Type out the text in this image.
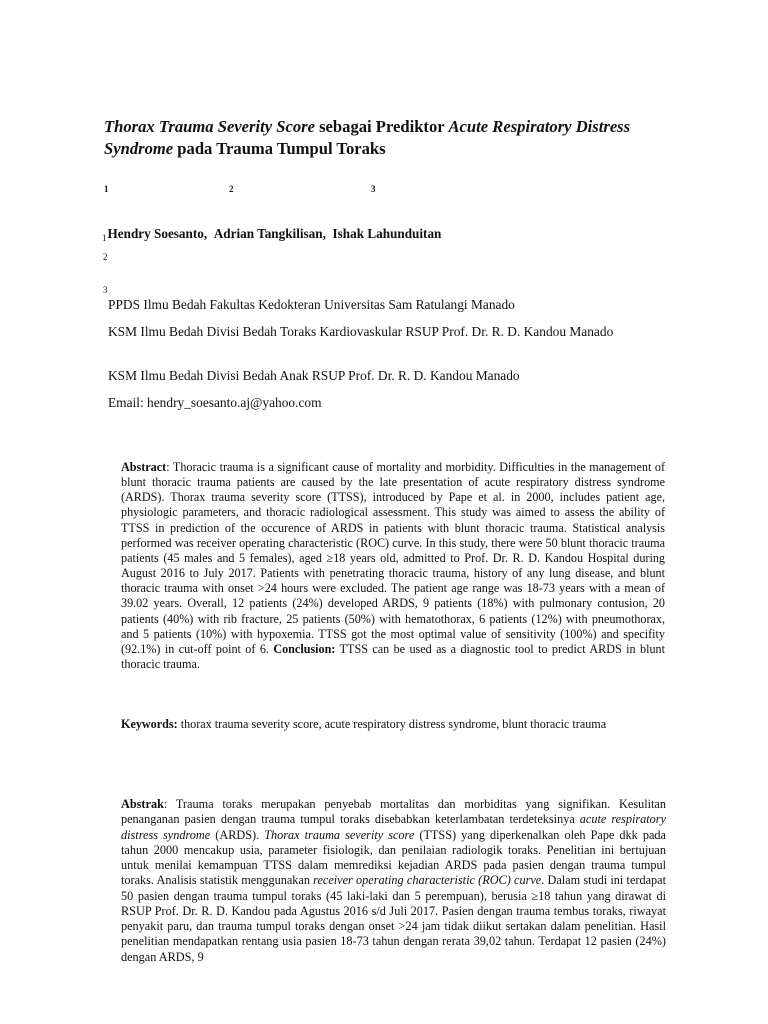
Thorax Trauma Severity Score sebagai Prediktor Acute Respiratory Distress Syndrome pada Trauma Tumpul Toraks
1	2	3
$_1$Hendry Soesanto, Adrian Tangkilisan, Ishak Lahunduitan
2
3
PPDS Ilmu Bedah Fakultas Kedokteran Universitas Sam Ratulangi Manado
KSM Ilmu Bedah Divisi Bedah Toraks Kardiovaskular RSUP Prof. Dr. R. D. Kandou Manado
KSM Ilmu Bedah Divisi Bedah Anak RSUP Prof. Dr. R. D. Kandou Manado
Email: hendry_soesanto.aj@yahoo.com
Abstract: Thoracic trauma is a significant cause of mortality and morbidity. Difficulties in the management of blunt thoracic trauma patients are caused by the late presentation of acute respiratory distress syndrome (ARDS). Thorax trauma severity score (TTSS), introduced by Pape et al. in 2000, includes patient age, physiologic parameters, and thoracic radiological assessment. This study was aimed to assess the ability of TTSS in prediction of the occurence of ARDS in patients with blunt thoracic trauma. Statistical analysis performed was receiver operating characteristic (ROC) curve. In this study, there were 50 blunt thoracic trauma patients (45 males and 5 females), aged ≥18 years old, admitted to Prof. Dr. R. D. Kandou Hospital during August 2016 to July 2017. Patients with penetrating thoracic trauma, history of any lung disease, and blunt thoracic trauma with onset >24 hours were excluded. The patient age range was 18-73 years with a mean of 39.02 years. Overall, 12 patients (24%) developed ARDS, 9 patients (18%) with pulmonary contusion, 20 patients (40%) with rib fracture, 25 patients (50%) with hematothorax, 6 patients (12%) with pneumothorax, and 5 patients (10%) with hypoxemia. TTSS got the most optimal value of sensitivity (100%) and specifity (92.1%) in cut-off point of 6. Conclusion: TTSS can be used as a diagnostic tool to predict ARDS in blunt thoracic trauma.
Keywords: thorax trauma severity score, acute respiratory distress syndrome, blunt thoracic trauma
Abstrak: Trauma toraks merupakan penyebab mortalitas dan morbiditas yang signifikan. Kesulitan penanganan pasien dengan trauma tumpul toraks disebabkan keterlambatan terdeteksinya acute respiratory distress syndrome (ARDS). Thorax trauma severity score (TTSS) yang diperkenalkan oleh Pape dkk pada tahun 2000 mencakup usia, parameter fisiologik, dan penilaian radiologik toraks. Penelitian ini bertujuan untuk menilai kemampuan TTSS dalam memrediksi kejadian ARDS pada pasien dengan trauma tumpul toraks. Analisis statistik menggunakan receiver operating characteristic (ROC) curve. Dalam studi ini terdapat 50 pasien dengan trauma tumpul toraks (45 laki-laki dan 5 perempuan), berusia ≥18 tahun yang dirawat di RSUP Prof. Dr. R. D. Kandou pada Agustus 2016 s/d Juli 2017. Pasien dengan trauma tembus toraks, riwayat penyakit paru, dan trauma tumpul toraks dengan onset >24 jam tidak diikut sertakan dalam penelitian. Hasil penelitian mendapatkan rentang usia pasien 18-73 tahun dengan rerata 39,02 tahun. Terdapat 12 pasien (24%) dengan ARDS, 9
